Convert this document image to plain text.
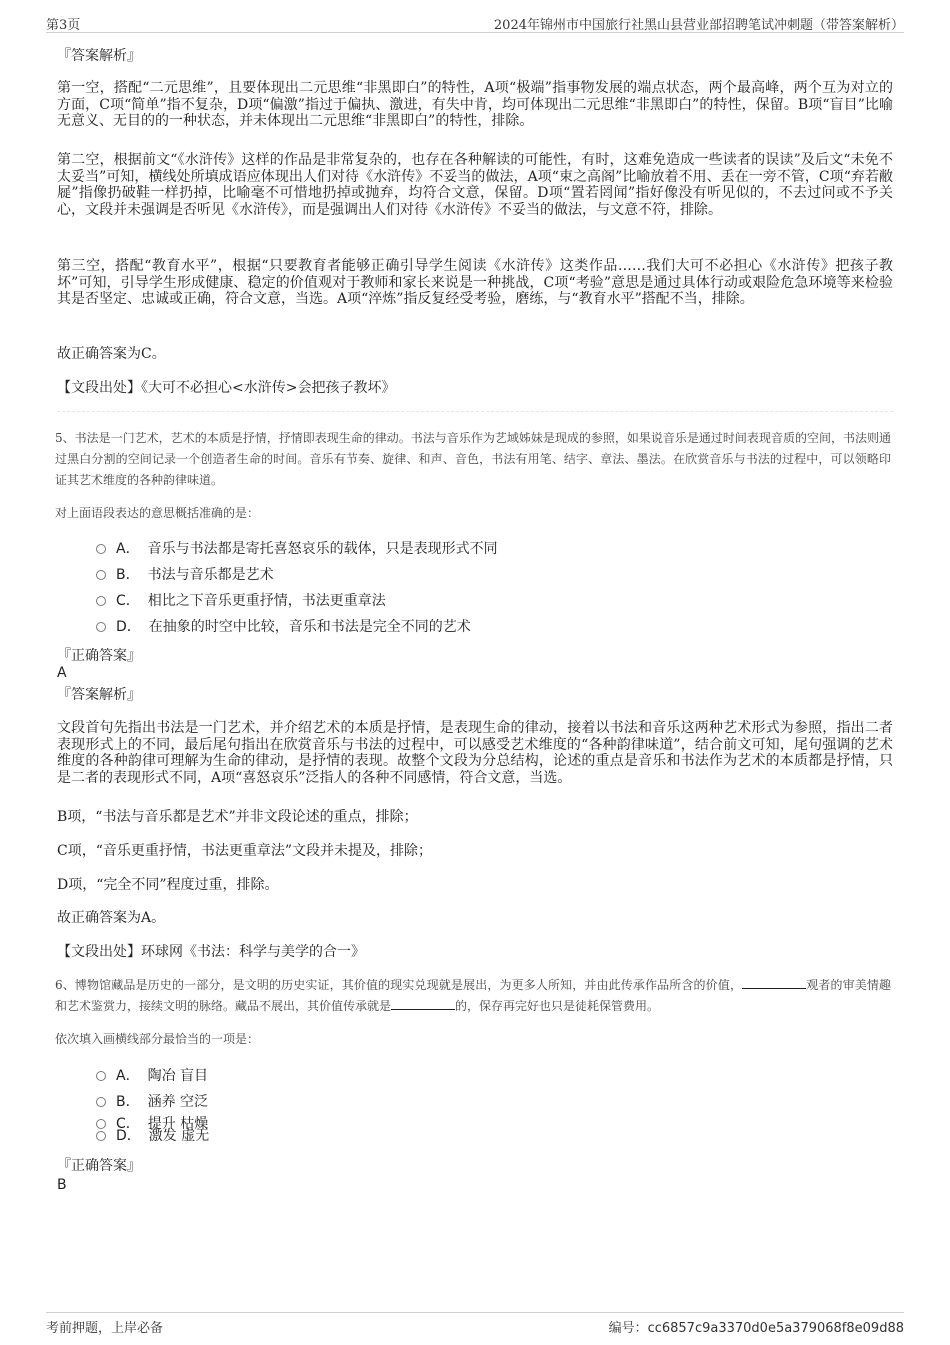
第3页	2024年锦州市中国旅行社黑山县营业部招聘笔试冲刺题（带答案解析）
『答案解析』

第一空，搭配“二元思维”，且要体现出二元思维“非黑即白”的特性，A项“极端”指事物发展的端点状态，两个最高峰，两个互为对立的方面，C项“简单”指不复杂，D项“偏激”指过于偏执、激进，有失中肯，均可体现出二元思维“非黑即白”的特性，保留。B项“盲目”比喻无意义、无目的的一种状态，并未体现出二元思维“非黑即白”的特性，排除。

第二空，根据前文“《水浒传》这样的作品是非常复杂的，也存在各种解读的可能性，有时，这难免造成一些读者的误读”及后文“未免不太妥当”可知，横线处所填成语应体现出人们对待《水浒传》不妥当的做法，A项“束之高阁”比喻放着不用、丢在一旁不管，C项“弃若敝屣”指像扔破鞋一样扔掉，比喻毫不可惜地扔掉或抛弃，均符合文意，保留。D项“置若罔闻”指好像没有听见似的，不去过问或不予关心，文段并未强调是否听见《水浒传》，而是强调出人们对待《水浒传》不妥当的做法，与文意不符，排除。

第三空，搭配“教育水平”，根据“只要教育者能够正确引导学生阅读《水浒传》这类作品……我们大可不必担心《水浒传》把孩子教坏”可知，引导学生形成健康、稳定的价值观对于教师和家长来说是一种挑战，C项“考验”意思是通过具体行动或艰险危急环境等来检验其是否坚定、忠诚或正确，符合文意，当选。A项“淬炼”指反复经受考验，磨练，与“教育水平”搭配不当，排除。

故正确答案为C。

【文段出处】《大可不必担心<水浒传>会把孩子教坏》

5、书法是一门艺术，艺术的本质是抒情，抒情即表现生命的律动。书法与音乐作为艺域姊妹是现成的参照，如果说音乐是通过时间表现音质的空间，书法则通过黑白分割的空间记录一个创造者生命的时间。音乐有节奏、旋律、和声、音色，书法有用笔、结字、章法、墨法。在欣赏音乐与书法的过程中，可以领略印证其艺术维度的各种韵律味道。

对上面语段表达的意思概括准确的是：

A． 音乐与书法都是寄托喜怒哀乐的载体，只是表现形式不同
B． 书法与音乐都是艺术
C． 相比之下音乐更重抒情，书法更重章法
D． 在抽象的时空中比较，音乐和书法是完全不同的艺术
『正确答案』
A
『答案解析』

文段首句先指出书法是一门艺术，并介绍艺术的本质是抒情，是表现生命的律动，接着以书法和音乐这两种艺术形式为参照，指出二者表现形式上的不同，最后尾句指出在欣赏音乐与书法的过程中，可以感受艺术维度的“各种韵律味道”，结合前文可知，尾句强调的艺术维度的各种韵律可理解为生命的律动，是抒情的表现。故整个文段为分总结构，论述的重点是音乐和书法作为艺术的本质都是抒情，只是二者的表现形式不同，A项“喜怒哀乐”泛指人的各种不同感情，符合文意，当选。

B项，“书法与音乐都是艺术”并非文段论述的重点，排除；

C项，“音乐更重抒情，书法更重章法”文段并未提及，排除；

D项，“完全不同”程度过重，排除。

故正确答案为A。

【文段出处】环球网《书法：科学与美学的合一》

6、博物馆藏品是历史的一部分，是文明的历史实证，其价值的现实兑现就是展出，为更多人所知，并由此传承作品所含的价值，	观者的审美情趣和艺术鉴赏力，接续文明的脉络。藏品不展出，其价值传承就是	的，保存再完好也只是徒耗保管费用。

依次填入画横线部分最恰当的一项是：

A． 陶冶 盲目
B． 涵养 空泛
C． 提升 枯燥
D． 激发 虚无
『正确答案』
B
考前押题，上岸必备	编号：cc6857c9a3370d0e5a379068f8e09d88
